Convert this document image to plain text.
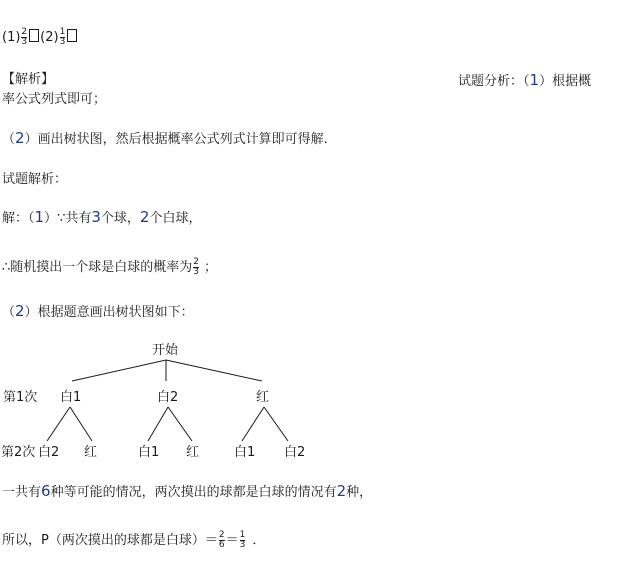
$(1) \frac{2}{3} (2) \frac{1}{3}$
【解析】	试题分析：（1）根据概
率公式列式即可；
（2）画出树状图，然后根据概率公式列式计算即可得解.
试题解析：
解：（1）∵共有3个球，2个白球，
∴随机摸出一个球是白球的概率为 $\frac{2}{3}$ ；
（2）根据题意画出树状图如下：
开始
第1次 白1	白2	红
第2次 白2 红	白1 红	白1 白2
一共有6种等可能的情况，两次摸出的球都是白球的情况有2种，
所以，P（两次摸出的球都是白球）＝ $\frac{2}{6} = \frac{1}{3}$ ．
